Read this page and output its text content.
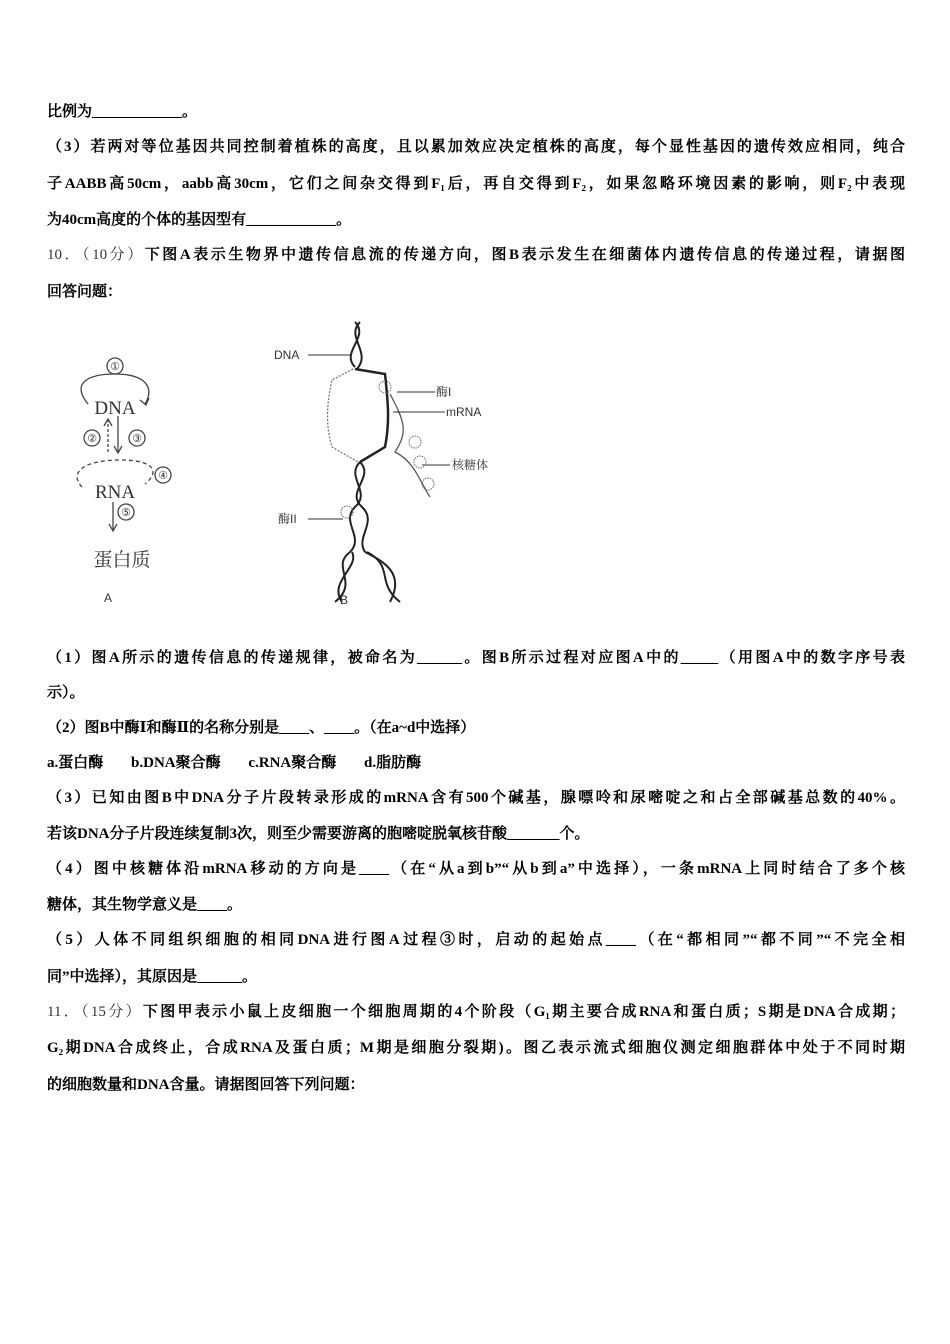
比例为____________。
（3）若两对等位基因共同控制着植株的高度，且以累加效应决定植株的高度，每个显性基因的遗传效应相同，纯合
子AABB高50cm，aabb高30cm，它们之间杂交得到F₁后，再自交得到F₂，如果忽略环境因素的影响，则F₂中表现
为40cm高度的个体的基因型有____________。
10．（10分）下图A表示生物界中遗传信息流的传递方向，图B表示发生在细菌体内遗传信息的传递过程，请据图
回答问题：
①
②	③
④
⑤
DNA
RNA
蛋白质
A
DNA
酶I
mRNA
核糖体
酶II
B
（1）图A所示的遗传信息的传递规律，被命名为______。图B所示过程对应图A中的_____（用图A中的数字序号表
示）。
（2）图B中酶Ⅰ和酶Ⅱ的名称分别是____、____。（在a~d中选择）
a.蛋白酶 b.DNA聚合酶 c.RNA聚合酶 d.脂肪酶
（3）已知由图B中DNA分子片段转录形成的mRNA含有500个碱基，腺嘌呤和尿嘧啶之和占全部碱基总数的40%。
若该DNA分子片段连续复制3次，则至少需要游离的胞嘧啶脱氧核苷酸_______个。
（4）图中核糖体沿mRNA移动的方向是____（在“从a到b”“从b到a”中选择），一条mRNA上同时结合了多个核
糖体，其生物学意义是____。
（5）人体不同组织细胞的相同DNA进行图A过程③时，启动的起始点____（在“都相同”“都不同”“不完全相
同”中选择），其原因是______。
11．（15分）下图甲表示小鼠上皮细胞一个细胞周期的4个阶段（G₁期主要合成RNA和蛋白质；S期是DNA合成期；
G₂期DNA合成终止，合成RNA及蛋白质；M期是细胞分裂期)。图乙表示流式细胞仪测定细胞群体中处于不同时期
的细胞数量和DNA含量。请据图回答下列问题：
